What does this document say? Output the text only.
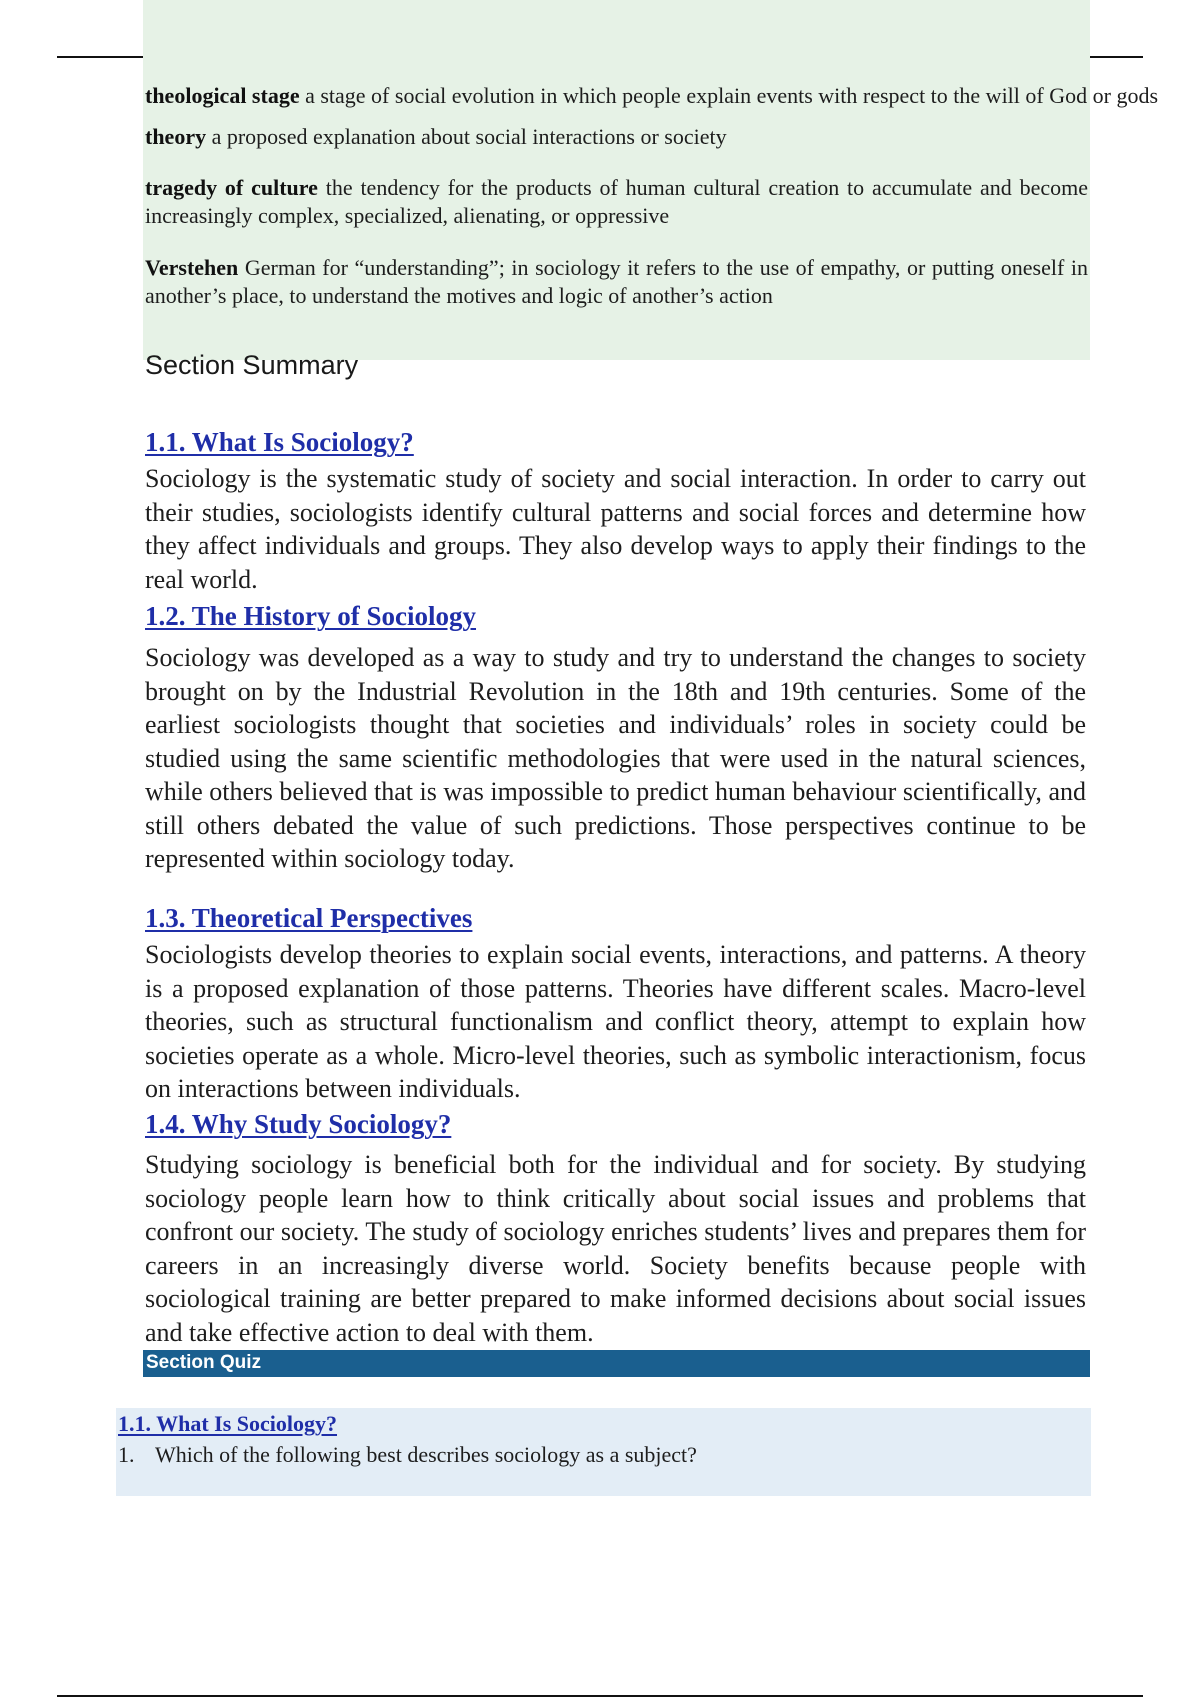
theological stage a stage of social evolution in which people explain events with respect to the will of God or gods
theory a proposed explanation about social interactions or society
tragedy of culture the tendency for the products of human cultural creation to accumulate and become increasingly complex, specialized, alienating, or oppressive
Verstehen German for “understanding”; in sociology it refers to the use of empathy, or putting oneself in another’s place, to understand the motives and logic of another’s action
Section Summary
1.1. What Is Sociology?
Sociology is the systematic study of society and social interaction. In order to carry out their studies, sociologists identify cultural patterns and social forces and determine how they affect individuals and groups. They also develop ways to apply their findings to the real world.
1.2. The History of Sociology
Sociology was developed as a way to study and try to understand the changes to society brought on by the Industrial Revolution in the 18th and 19th centuries. Some of the earliest sociologists thought that societies and individuals’ roles in society could be studied using the same scientific methodologies that were used in the natural sciences, while others believed that is was impossible to predict human behaviour scientifically, and still others debated the value of such predictions. Those perspectives continue to be represented within sociology today.
1.3. Theoretical Perspectives
Sociologists develop theories to explain social events, interactions, and patterns. A theory is a proposed explanation of those patterns. Theories have different scales. Macro-level theories, such as structural functionalism and conflict theory, attempt to explain how societies operate as a whole. Micro-level theories, such as symbolic interactionism, focus on interactions between individuals.
1.4. Why Study Sociology?
Studying sociology is beneficial both for the individual and for society. By studying sociology people learn how to think critically about social issues and problems that confront our society. The study of sociology enriches students’ lives and prepares them for careers in an increasingly diverse world. Society benefits because people with sociological training are better prepared to make informed decisions about social issues and take effective action to deal with them.
Section Quiz
1.1. What Is Sociology?
1. Which of the following best describes sociology as a subject?
